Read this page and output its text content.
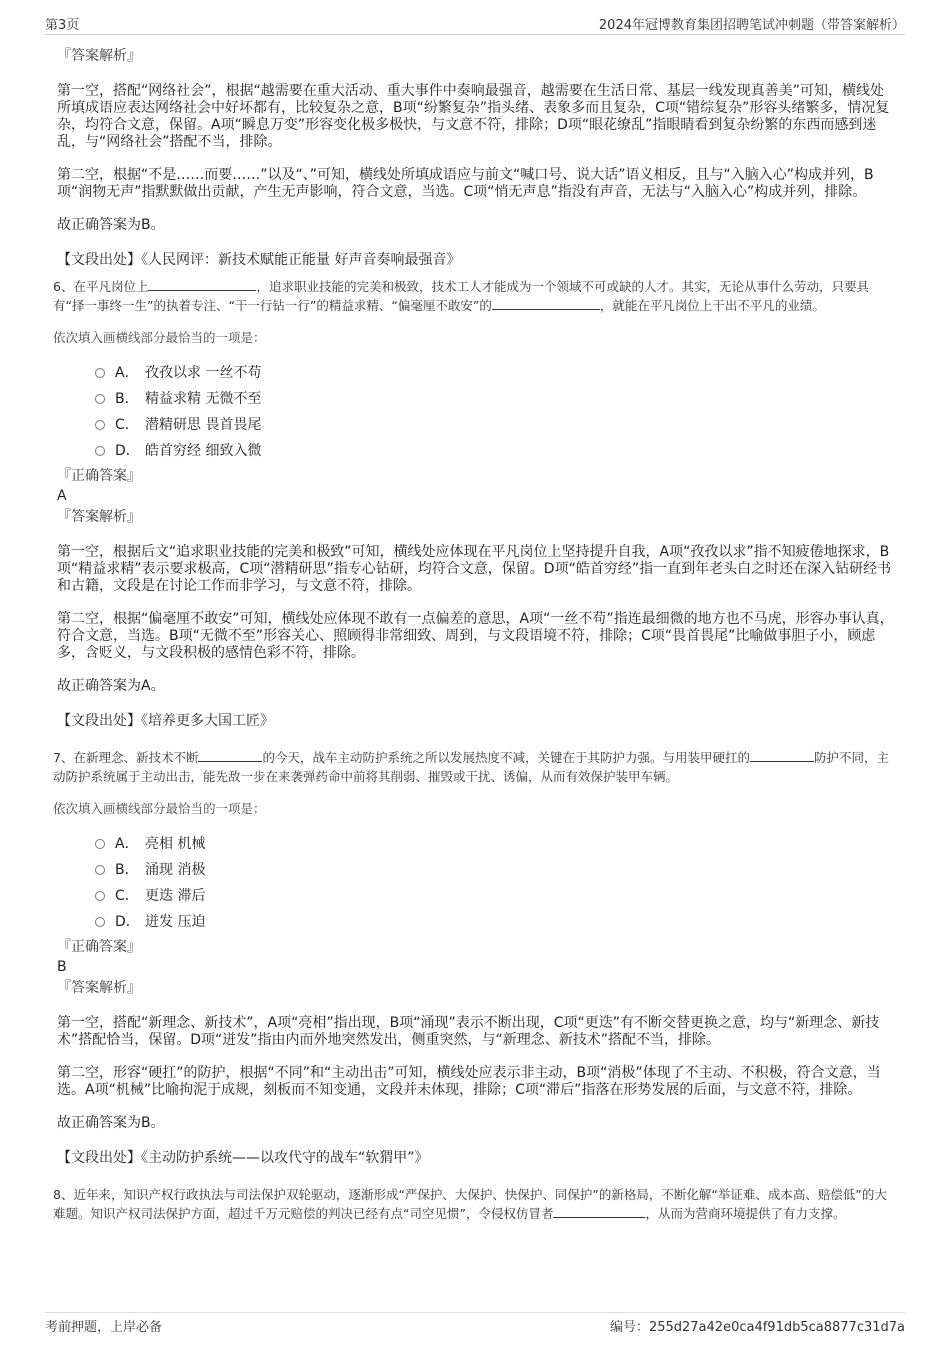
第3页	2024年冠博教育集团招聘笔试冲刺题（带答案解析）
『答案解析』
第一空，搭配“网络社会”，根据“越需要在重大活动、重大事件中奏响最强音，越需要在生活日常、基层一线发现真善美”可知，横线处所填成语应表达网络社会中好坏都有，比较复杂之意，B项“纷繁复杂”指头绪、表象多而且复杂，C项“错综复杂”形容头绪繁多，情况复杂，均符合文意，保留。A项“瞬息万变”形容变化极多极快，与文意不符，排除；D项“眼花缭乱”指眼睛看到复杂纷繁的东西而感到迷乱，与“网络社会”搭配不当，排除。
第二空，根据“不是……而要……”以及“、”可知，横线处所填成语应与前文“喊口号、说大话”语义相反，且与“入脑入心”构成并列，B项“润物无声”指默默做出贡献，产生无声影响，符合文意，当选。C项“悄无声息”指没有声音，无法与“入脑入心”构成并列，排除。
故正确答案为B。
【文段出处】《人民网评：新技术赋能正能量 好声音奏响最强音》
6、在平凡岗位上	，追求职业技能的完美和极致，技术工人才能成为一个领域不可或缺的人才。其实，无论从事什么劳动，只要具有“择一事终一生”的执着专注、“干一行钻一行”的精益求精、“偏毫厘不敢安”的	，就能在平凡岗位上干出不平凡的业绩。
依次填入画横线部分最恰当的一项是：
A． 孜孜以求 一丝不苟
B． 精益求精 无微不至
C． 潜精研思 畏首畏尾
D． 皓首穷经 细致入微
『正确答案』
A
『答案解析』
第一空，根据后文“追求职业技能的完美和极致”可知，横线处应体现在平凡岗位上坚持提升自我，A项“孜孜以求”指不知疲倦地探求，B项“精益求精”表示要求极高，C项“潜精研思”指专心钻研，均符合文意，保留。D项“皓首穷经”指一直到年老头白之时还在深入钻研经书和古籍，文段是在讨论工作而非学习，与文意不符，排除。
第二空，根据“偏毫厘不敢安”可知，横线处应体现不敢有一点偏差的意思，A项“一丝不苟”指连最细微的地方也不马虎，形容办事认真，符合文意，当选。B项“无微不至”形容关心、照顾得非常细致、周到，与文段语境不符，排除；C项“畏首畏尾”比喻做事胆子小，顾虑多，含贬义，与文段积极的感情色彩不符，排除。
故正确答案为A。
【文段出处】《培养更多大国工匠》
7、在新理念、新技术不断	的今天，战车主动防护系统之所以发展热度不减，关键在于其防护力强。与用装甲硬扛的	防护不同，主动防护系统属于主动出击，能先敌一步在来袭弹药命中前将其削弱、摧毁或干扰、诱偏，从而有效保护装甲车辆。
依次填入画横线部分最恰当的一项是：
A． 亮相 机械
B． 涌现 消极
C． 更迭 滞后
D． 迸发 压迫
『正确答案』
B
『答案解析』
第一空，搭配“新理念、新技术”，A项“亮相”指出现，B项“涌现”表示不断出现，C项“更迭”有不断交替更换之意，均与“新理念、新技术”搭配恰当，保留。D项“迸发”指由内而外地突然发出，侧重突然，与“新理念、新技术”搭配不当，排除。
第二空，形容“硬扛”的防护，根据“不同”和“主动出击”可知，横线处应表示非主动，B项“消极”体现了不主动、不积极，符合文意，当选。A项“机械”比喻拘泥于成规，刻板而不知变通，文段并未体现，排除；C项“滞后”指落在形势发展的后面，与文意不符，排除。
故正确答案为B。
【文段出处】《主动防护系统——以攻代守的战车“软猬甲”》
8、近年来，知识产权行政执法与司法保护双轮驱动，逐渐形成“严保护、大保护、快保护、同保护”的新格局，不断化解“举证难、成本高、赔偿低”的大难题。知识产权司法保护方面，超过千万元赔偿的判决已经有点“司空见惯”，令侵权仿冒者	，从而为营商环境提供了有力支撑。
考前押题，上岸必备	编号：255d27a42e0ca4f91db5ca8877c31d7a
